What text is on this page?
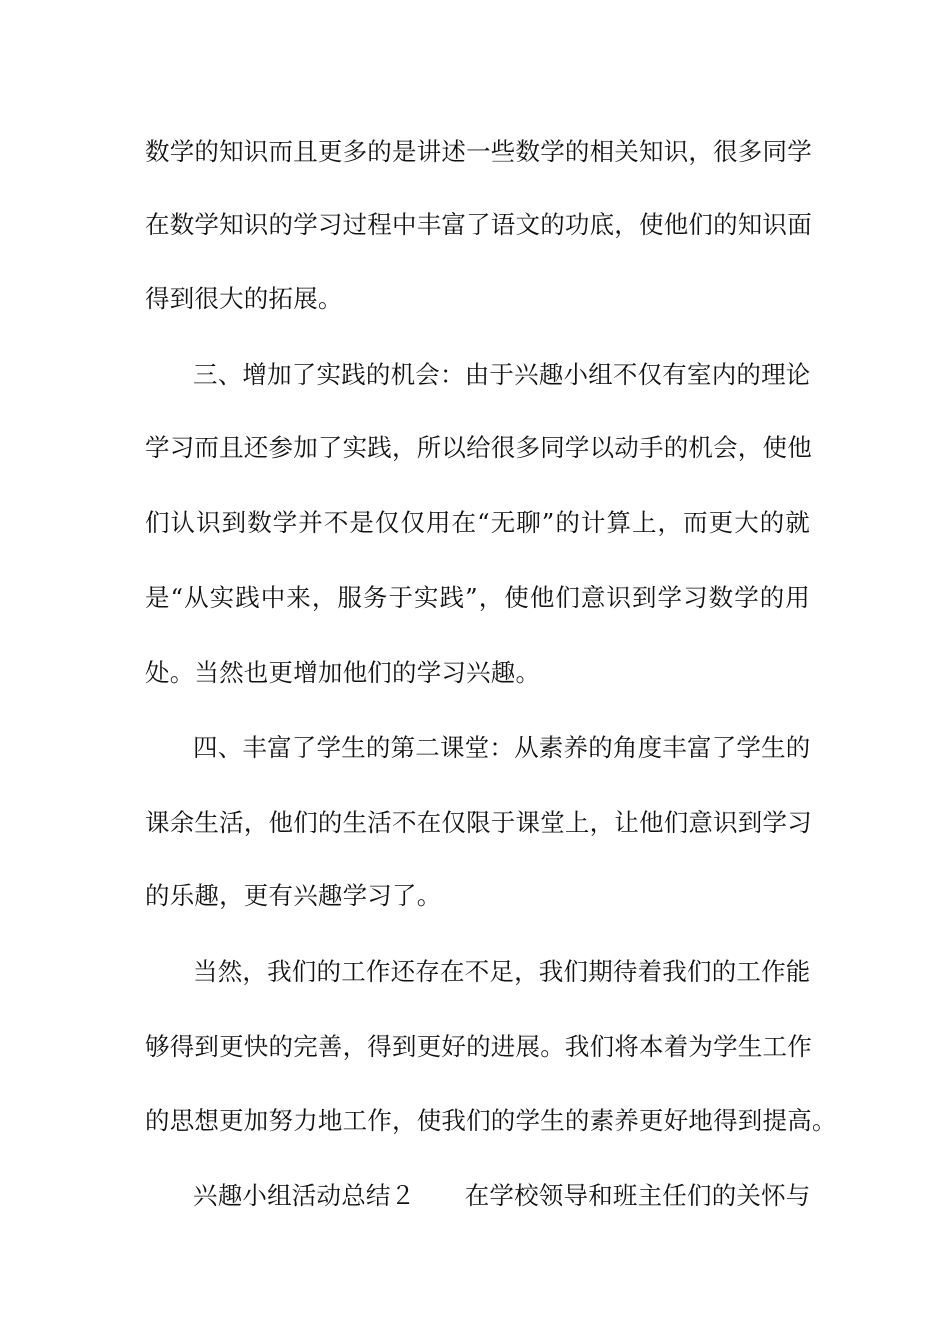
数学的知识而且更多的是讲述一些数学的相关知识，很多同学
在数学知识的学习过程中丰富了语文的功底，使他们的知识面
得到很大的拓展。
三、增加了实践的机会：由于兴趣小组不仅有室内的理论
学习而且还参加了实践，所以给很多同学以动手的机会，使他
们认识到数学并不是仅仅用在“无聊”的计算上，而更大的就
是“从实践中来，服务于实践”，使他们意识到学习数学的用
处。当然也更增加他们的学习兴趣。
四、丰富了学生的第二课堂：从素养的角度丰富了学生的
课余生活，他们的生活不在仅限于课堂上，让他们意识到学习
的乐趣，更有兴趣学习了。
当然，我们的工作还存在不足，我们期待着我们的工作能
够得到更快的完善，得到更好的进展。我们将本着为学生工作
的思想更加努力地工作，使我们的学生的素养更好地得到提高。
兴趣小组活动总结２　　在学校领导和班主任们的关怀与
